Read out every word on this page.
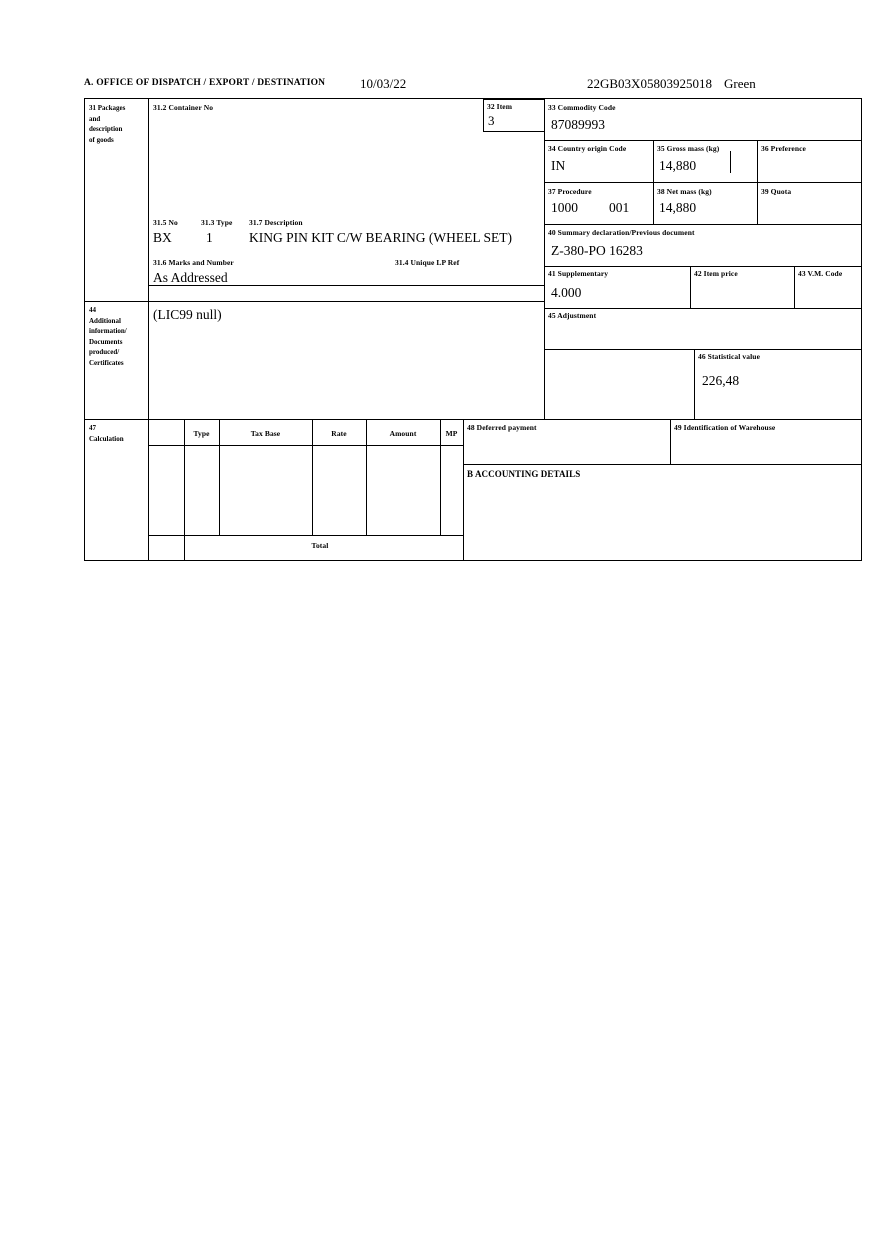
A. OFFICE OF DISPATCH / EXPORT / DESTINATION	10/03/22	22GB03X05803925018 Green
31 Packages
and
description
of goods
31.2 Container No	32 Item
3
31.5 No	31.3 Type	31.7 Description
BX	1	KING PIN KIT C/W BEARING (WHEEL SET)
31.6 Marks and Number	31.4 Unique LP Ref
As Addressed
33 Commodity Code
87089993
34 Country origin Code
IN
35 Gross mass (kg)
14,880
36 Preference
37 Procedure
1000	001
38 Net mass (kg)
14,880
39 Quota
40 Summary declaration/Previous document
Z-380-PO 16283
41 Supplementary
4.000
42 Item price	43 V.M. Code
44
Additional
information/
Documents
produced/
Certificates
(LIC99 null)	45 Adjustment
46 Statistical value
226,48
47
Calculation
Type	Tax Base	Rate	Amount	MP
Total
48 Deferred payment	49 Identification of Warehouse
B ACCOUNTING DETAILS
